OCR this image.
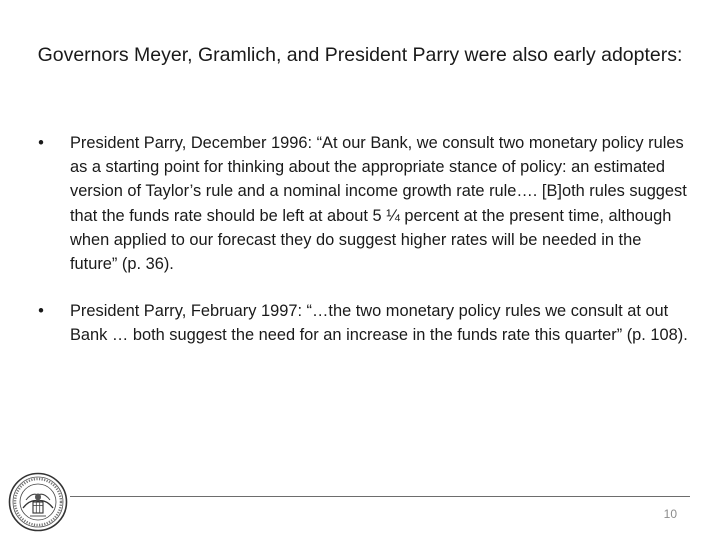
Governors Meyer, Gramlich, and President Parry were also early adopters:
•	President Parry, December 1996: “At our Bank, we consult two monetary policy rules as a starting point for thinking about the appropriate stance of policy: an estimated version of Taylor’s rule and a nominal income growth rate rule…. [B]oth rules suggest that the funds rate should be left at about 5 ¼ percent at the present time, although when applied to our forecast they do suggest higher rates will be needed in the future” (p. 36).
•	President Parry, February 1997: “…the two monetary policy rules we consult at out Bank … both suggest the need for an increase in the funds rate this quarter” (p. 108).
10
